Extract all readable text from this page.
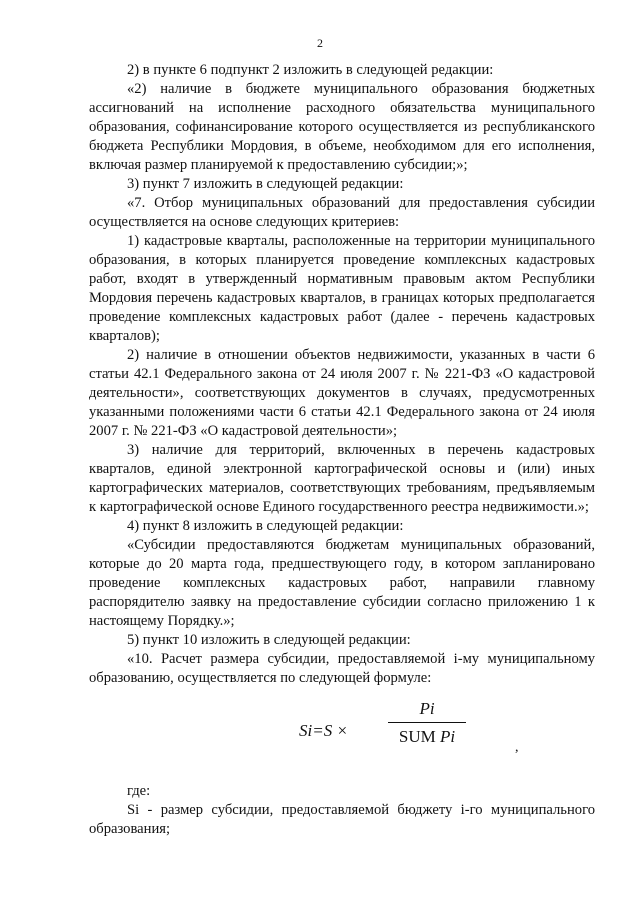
2

2) в пункте 6 подпункт 2 изложить в следующей редакции:

«2) наличие в бюджете муниципального образования бюджетных ассигнований на исполнение расходного обязательства муниципального образования, софинансирование которого осуществляется из республиканского бюджета Республики Мордовия, в объеме, необходимом для его исполнения, включая размер планируемой к предоставлению субсидии;»;

3) пункт 7 изложить в следующей редакции:

«7. Отбор муниципальных образований для предоставления субсидии осуществляется на основе следующих критериев:

1) кадастровые кварталы, расположенные на территории муниципального образования, в которых планируется проведение комплексных кадастровых работ, входят в утвержденный нормативным правовым актом Республики Мордовия перечень кадастровых кварталов, в границах которых предполагается проведение комплексных кадастровых работ (далее - перечень кадастровых кварталов);

2) наличие в отношении объектов недвижимости, указанных в части 6 статьи 42.1 Федерального закона от 24 июля 2007 г. № 221-ФЗ «О кадастровой деятельности», соответствующих документов в случаях, предусмотренных указанными положениями части 6 статьи 42.1 Федерального закона от 24 июля 2007 г. № 221-ФЗ «О кадастровой деятельности»;

3) наличие для территорий, включенных в перечень кадастровых кварталов, единой электронной картографической основы и (или) иных картографических материалов, соответствующих требованиям, предъявляемым к картографической основе Единого государственного реестра недвижимости.»;

4) пункт 8 изложить в следующей редакции:

«Субсидии предоставляются бюджетам муниципальных образований, которые до 20 марта года, предшествующего году, в котором запланировано проведение комплексных кадастровых работ, направили главному распорядителю заявку на предоставление субсидии согласно приложению 1 к настоящему Порядку.»;

5) пункт 10 изложить в следующей редакции:

«10. Расчет размера субсидии, предоставляемой i-му муниципальному образованию, осуществляется по следующей формуле:

Si=S ×
Pi
SUM Pi
,

где:

Si - размер субсидии, предоставляемой бюджету i-го муниципального образования;
